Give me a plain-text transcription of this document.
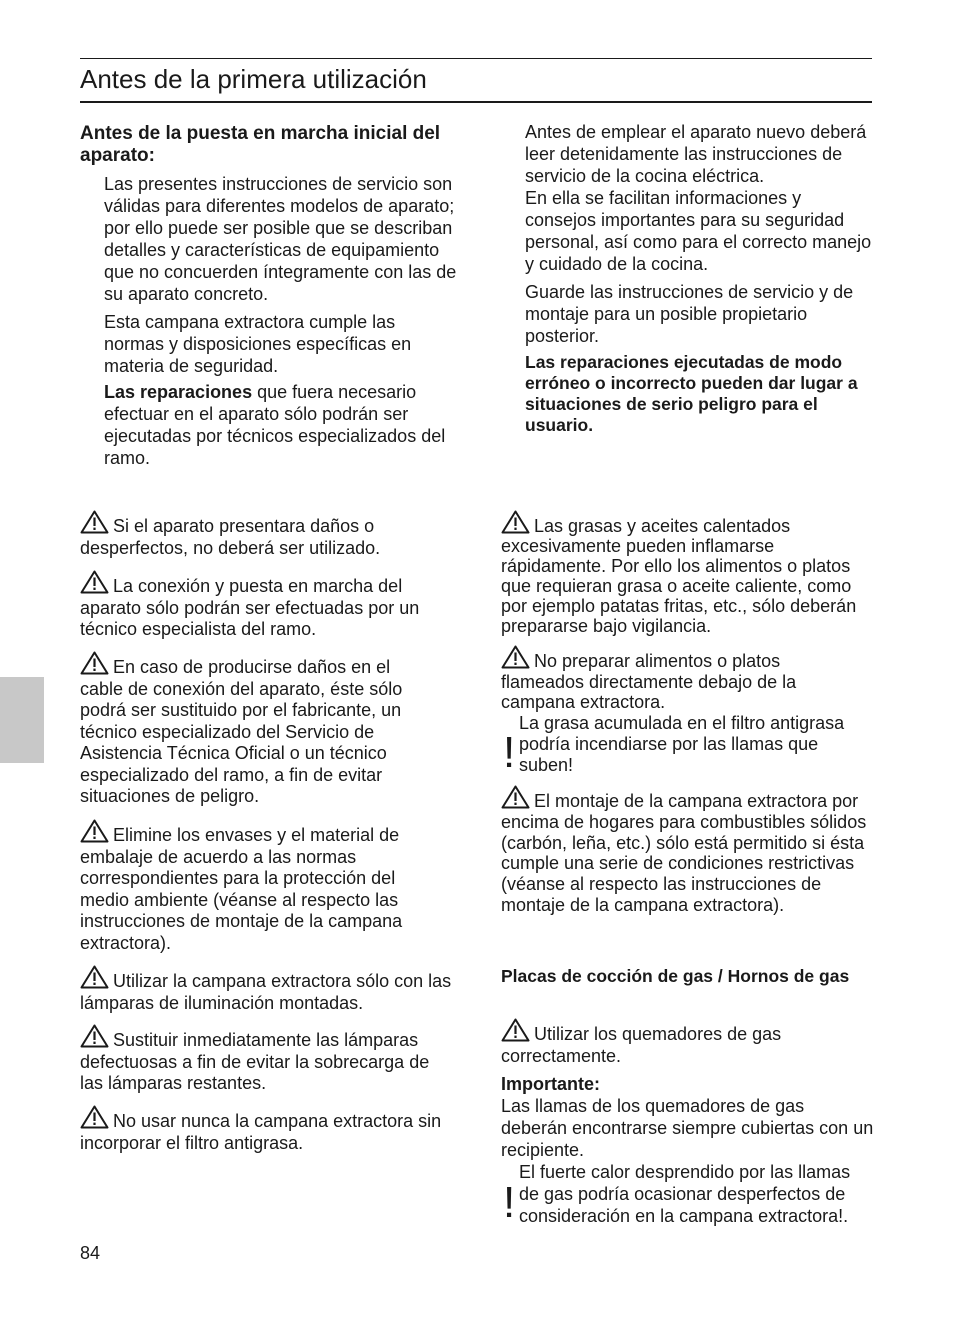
Antes de la primera utilización

Antes de la puesta en marcha inicial del aparato:

Las presentes instrucciones de servicio son válidas para diferentes modelos de aparato; por ello puede ser posible que se describan detalles y características de equipamiento que no concuerden íntegramente con las de su aparato concreto.

Esta campana extractora cumple las normas y disposiciones específicas en materia de seguridad.

Las reparaciones que fuera necesario efectuar en el aparato sólo podrán ser ejecutadas por técnicos especializados del ramo.

Si el aparato presentara daños o desperfectos, no deberá ser utilizado.

La conexión y puesta en marcha del aparato sólo podrán ser efectuadas por un técnico especialista del ramo.

En caso de producirse daños en el cable de conexión del aparato, éste sólo podrá ser sustituido por el fabricante, un técnico especializado del Servicio de Asistencia Técnica Oficial o un técnico especializado del ramo, a fin de evitar situaciones de peligro.

Elimine los envases y el material de embalaje de acuerdo a las normas correspondientes para la protección del medio ambiente (véanse al respecto las instrucciones de montaje de la campana extractora).

Utilizar la campana extractora sólo con las lámparas de iluminación montadas.

Sustituir inmediatamente las lámparas defectuosas a fin de evitar la sobrecarga de las lámparas restantes.

No usar nunca la campana extractora sin incorporar el filtro antigrasa.

84

Antes de emplear el aparato nuevo deberá leer detenidamente las instrucciones de servicio de la cocina eléctrica.

En ella se facilitan informaciones y consejos importantes para su seguridad personal, así como para el correcto manejo y cuidado de la cocina.

Guarde las instrucciones de servicio y de montaje para un posible propietario posterior.

Las reparaciones ejecutadas de modo erróneo o incorrecto pueden dar lugar a situaciones de serio peligro para el usuario.

Las grasas y aceites calentados excesivamente pueden inflamarse rápidamente. Por ello los alimentos o platos que requieran grasa o aceite caliente, como por ejemplo patatas fritas, etc., sólo deberán prepararse bajo vigilancia.

No preparar alimentos o platos flameados directamente debajo de la campana extractora.

!

La grasa acumulada en el filtro antigrasa podría incendiarse por las llamas que suben!

El montaje de la campana extractora por encima de hogares para combustibles sólidos (carbón, leña, etc.) sólo está permitido si ésta cumple una serie de condiciones restrictivas (véanse al respecto las instrucciones de montaje de la campana extractora).

Placas de cocción de gas / Hornos de gas

Utilizar los quemadores de gas correctamente.

Importante:

Las llamas de los quemadores de gas deberán encontrarse siempre cubiertas con un recipiente.

!

El fuerte calor desprendido por las llamas de gas podría ocasionar desperfectos de consideración en la campana extractora!.
